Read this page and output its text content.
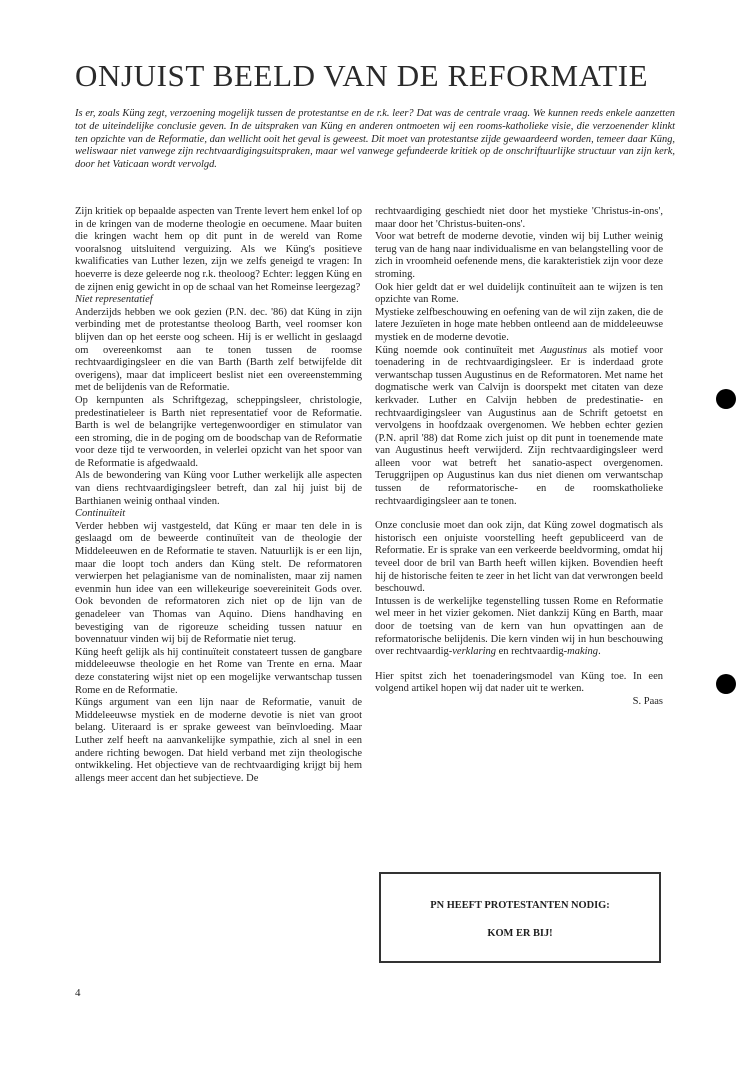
ONJUIST BEELD VAN DE REFORMATIE

Is er, zoals Küng zegt, verzoening mogelijk tussen de protestantse en de r.k. leer? Dat was de centrale vraag. We kunnen reeds enkele aanzetten tot de uiteindelijke conclusie geven. In de uitspraken van Küng en anderen ontmoeten wij een rooms-katholieke visie, die verzoenender klinkt ten opzichte van de Reformatie, dan wellicht ooit het geval is geweest. Dit moet van protestantse zijde gewaardeerd worden, temeer daar Küng, weliswaar niet vanwege zijn rechtvaardigingsuitspraken, maar wel vanwege gefundeerde kritiek op de onschriftuurlijke structuur van zijn kerk, door het Vaticaan wordt vervolgd.

Zijn kritiek op bepaalde aspecten van Trente levert hem enkel lof op in de kringen van de moderne theologie en oecumene. Maar buiten die kringen wacht hem op dit punt in de wereld van Rome vooralsnog uitsluitend verguizing. Als we Küng's positieve kwalificaties van Luther lezen, zijn we zelfs geneigd te vragen: In hoeverre is deze geleerde nog r.k. theoloog? Echter: leggen Küng en de zijnen enig gewicht in op de schaal van het Romeinse leergezag?

Niet representatief

Anderzijds hebben we ook gezien (P.N. dec. '86) dat Küng in zijn verbinding met de protestantse theoloog Barth, veel roomser kon blijven dan op het eerste oog scheen. Hij is er wellicht in geslaagd om overeenkomst aan te tonen tussen de roomse rechtvaardigingsleer en die van Barth (Barth zelf betwijfelde dit overigens), maar dat impliceert beslist niet een overeenstemming met de belijdenis van de Reformatie.

Op kernpunten als Schriftgezag, scheppingsleer, christologie, predestinatieleer is Barth niet representatief voor de Reformatie. Barth is wel de belangrijke vertegenwoordiger en stimulator van een stroming, die in de poging om de boodschap van de Reformatie voor deze tijd te verwoorden, in velerlei opzicht van het spoor van de Reformatie is afgedwaald.

Als de bewondering van Küng voor Luther werkelijk alle aspecten van diens rechtvaardigingsleer betreft, dan zal hij juist bij de Barthianen weinig onthaal vinden.

Continuïteit

Verder hebben wij vastgesteld, dat Küng er maar ten dele in is geslaagd om de beweerde continuïteit van de theologie der Middeleeuwen en de Reformatie te staven. Natuurlijk is er een lijn, maar die loopt toch anders dan Küng stelt. De reformatoren verwierpen het pelagianisme van de nominalisten, maar zij namen evenmin hun idee van een willekeurige soevereiniteit Gods over. Ook bevonden de reformatoren zich niet op de lijn van de genadeleer van Thomas van Aquino. Diens handhaving en bevestiging van de rigoreuze scheiding tussen natuur en bovennatuur vinden wij bij de Reformatie niet terug.

Küng heeft gelijk als hij continuïteit constateert tussen de gangbare middeleeuwse theologie en het Rome van Trente en erna. Maar deze constatering wijst niet op een mogelijke verwantschap tussen Rome en de Reformatie.

Küngs argument van een lijn naar de Reformatie, vanuit de Middeleeuwse mystiek en de moderne devotie is niet van groot belang. Uiteraard is er sprake geweest van beïnvloeding. Maar Luther zelf heeft na aanvankelijke sympathie, zich al snel in een andere richting bewogen. Dat hield verband met zijn theologische ontwikkeling. Het objectieve van de rechtvaardiging krijgt bij hem allengs meer accent dan het subjectieve. De

rechtvaardiging geschiedt niet door het mystieke 'Christus-in-ons', maar door het 'Christus-buiten-ons'.

Voor wat betreft de moderne devotie, vinden wij bij Luther weinig terug van de hang naar individualisme en van belangstelling voor de zich in vroomheid oefenende mens, die karakteristiek zijn voor deze stroming.

Ook hier geldt dat er wel duidelijk continuïteit aan te wijzen is ten opzichte van Rome.

Mystieke zelfbeschouwing en oefening van de wil zijn zaken, die de latere Jezuïeten in hoge mate hebben ontleend aan de middeleeuwse mystiek en de moderne devotie.

Küng noemde ook continuïteit met Augustinus als motief voor toenadering in de rechtvaardigingsleer. Er is inderdaad grote verwantschap tussen Augustinus en de Reformatoren. Met name het dogmatische werk van Calvijn is doorspekt met citaten van deze kerkvader. Luther en Calvijn hebben de predestinatie- en rechtvaardigingsleer van Augustinus aan de Schrift getoetst en vervolgens in hoofdzaak overgenomen. We hebben echter gezien (P.N. april '88) dat Rome zich juist op dit punt in toenemende mate van Augustinus heeft verwijderd. Zijn rechtvaardigingsleer werd alleen voor wat betreft het sanatio-aspect overgenomen. Teruggrijpen op Augustinus kan dus niet dienen om verwantschap tussen de reformatorische- en de roomskatholieke rechtvaardigingsleer aan te tonen.

Onze conclusie moet dan ook zijn, dat Küng zowel dogmatisch als historisch een onjuiste voorstelling heeft gepubliceerd van de Reformatie. Er is sprake van een verkeerde beeldvorming, omdat hij teveel door de bril van Barth heeft willen kijken. Bovendien heeft hij de historische feiten te zeer in het licht van dat verwrongen beeld beschouwd.

Intussen is de werkelijke tegenstelling tussen Rome en Reformatie wel meer in het vizier gekomen. Niet dankzij Küng en Barth, maar door de toetsing van de kern van hun opvattingen aan de reformatorische belijdenis. Die kern vinden wij in hun beschouwing over rechtvaardig-verklaring en rechtvaardig-making.

Hier spitst zich het toenaderingsmodel van Küng toe. In een volgend artikel hopen wij dat nader uit te werken.

S. Paas

PN HEEFT PROTESTANTEN NODIG:
KOM ER BIJ!
4
